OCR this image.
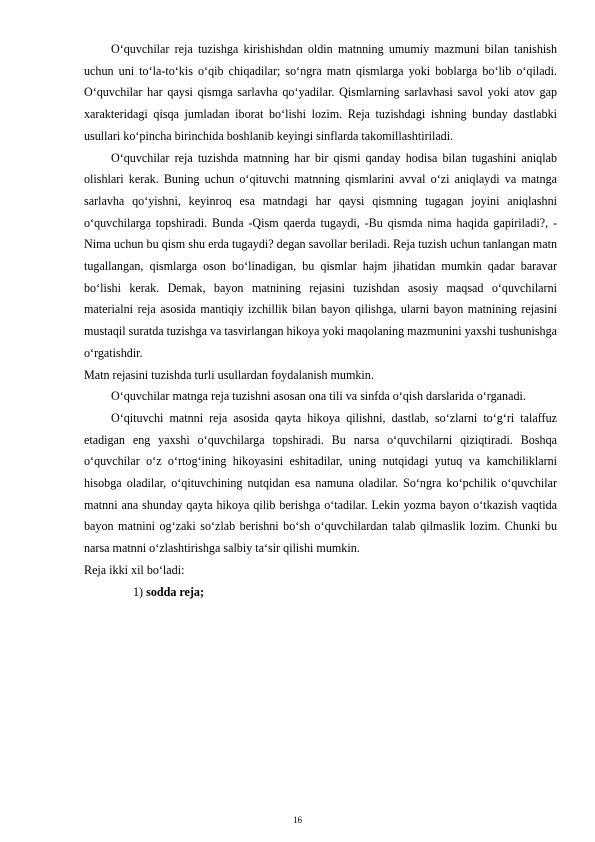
O‘quvchilar reja tuzishga kirishishdan oldin matnning umumiy mazmuni bilan tanishish uchun uni to‘la-to‘kis o‘qib chiqadilar; so‘ngra matn qismlarga yoki boblarga bo‘lib o‘qiladi. O‘quvchilar har qaysi qismga sarlavha qo‘yadilar. Qismlarning sarlavhasi savol yoki atov gap xarakteridagi qisqa jumladan iborat bo‘lishi lozim. Reja tuzishdagi ishning bunday dastlabki usullari ko‘pincha birinchida boshlanib keyingi sinflarda takomillashtiriladi.

O‘quvchilar reja tuzishda matnning har bir qismi qanday hodisa bilan tugashini aniqlab olishlari kerak. Buning uchun o‘qituvchi matnning qismlarini avval o‘zi aniqlaydi va matnga sarlavha qo‘yishni, keyinroq esa matndagi har qaysi qismning tugagan joyini aniqlashni o‘quvchilarga topshiradi. Bunda -Qism qaerda tugaydi, -Bu qismda nima haqida gapiriladi?, -Nima uchun bu qism shu erda tugaydi? degan savollar beriladi. Reja tuzish uchun tanlangan matn tugallangan, qismlarga oson bo‘linadigan, bu qismlar hajm jihatidan mumkin qadar baravar bo‘lishi kerak. Demak, bayon matnining rejasini tuzishdan asosiy maqsad o‘quvchilarni materialni reja asosida mantiqiy izchillik bilan bayon qilishga, ularni bayon matnining rejasini mustaqil suratda tuzishga va tasvirlangan hikoya yoki maqolaning mazmunini yaxshi tushunishga o‘rgatishdir.

Matn rejasini tuzishda turli usullardan foydalanish mumkin.

O‘quvchilar matnga reja tuzishni asosan ona tili va sinfda o‘qish darslarida o‘rganadi.

O‘qituvchi matnni reja asosida qayta hikoya qilishni, dastlab, so‘zlarni to‘g‘ri talaffuz etadigan eng yaxshi o‘quvchilarga topshiradi. Bu narsa o‘quvchilarni qiziqtiradi. Boshqa o‘quvchilar o‘z o‘rtog‘ining hikoyasini eshitadilar, uning nutqidagi yutuq va kamchiliklarni hisobga oladilar, o‘qituvchining nutqidan esa namuna oladilar. So‘ngra ko‘pchilik o‘quvchilar matnni ana shunday qayta hikoya qilib berishga o‘tadilar. Lekin yozma bayon o‘tkazish vaqtida bayon matnini og‘zaki so‘zlab berishni bo‘sh o‘quvchilardan talab qilmaslik lozim. Chunki bu narsa matnni o‘zlashtirishga salbiy ta‘sir qilishi mumkin.

Reja ikki xil bo‘ladi:

1) sodda reja;

16
